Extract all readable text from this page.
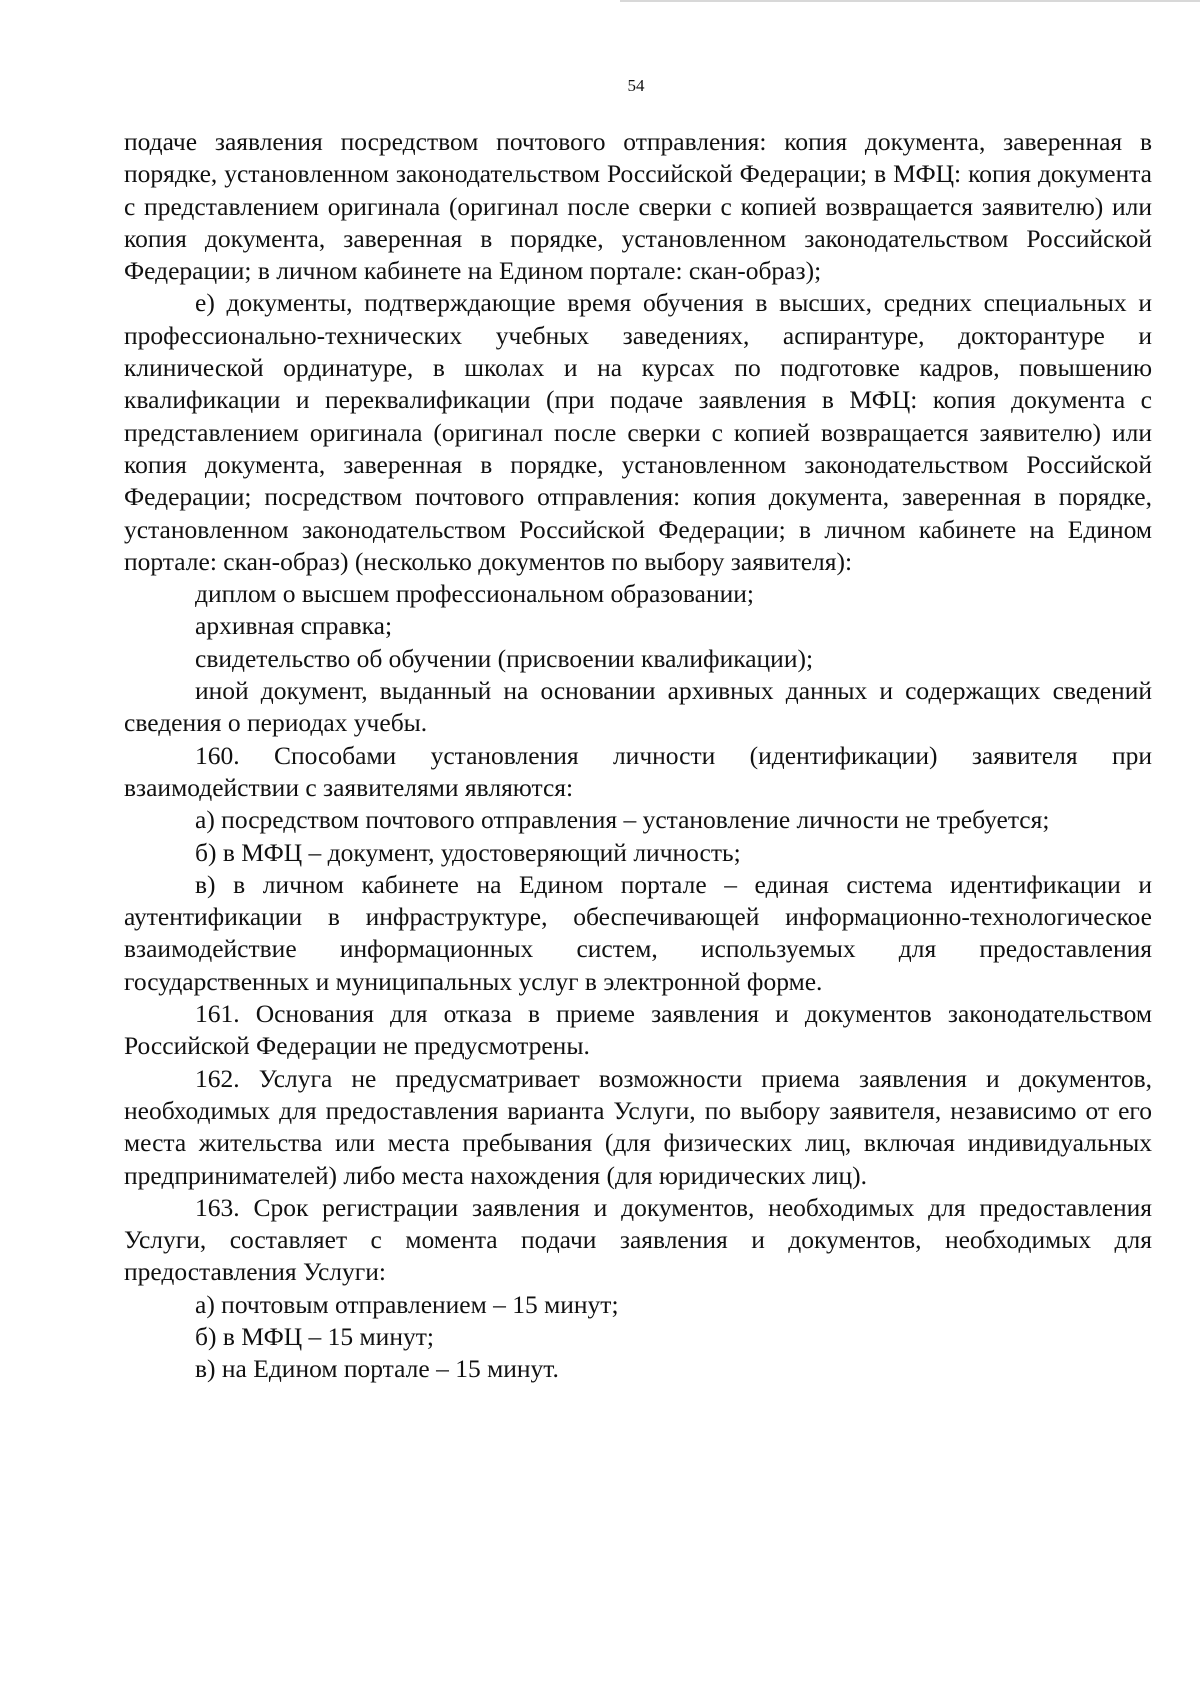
54

подаче заявления посредством почтового отправления: копия документа, заверенная в порядке, установленном законодательством Российской Федерации; в МФЦ: копия документа с представлением оригинала (оригинал после сверки с копией возвращается заявителю) или копия документа, заверенная в порядке, установленном законодательством Российской Федерации; в личном кабинете на Едином портале: скан-образ);

е) документы, подтверждающие время обучения в высших, средних специальных и профессионально-технических учебных заведениях, аспирантуре, докторантуре и клинической ординатуре, в школах и на курсах по подготовке кадров, повышению квалификации и переквалификации (при подаче заявления в МФЦ: копия документа с представлением оригинала (оригинал после сверки с копией возвращается заявителю) или копия документа, заверенная в порядке, установленном законодательством Российской Федерации; посредством почтового отправления: копия документа, заверенная в порядке, установленном законодательством Российской Федерации; в личном кабинете на Едином портале: скан-образ) (несколько документов по выбору заявителя):

диплом о высшем профессиональном образовании;

архивная справка;

свидетельство об обучении (присвоении квалификации);

иной документ, выданный на основании архивных данных и содержащих сведений сведения о периодах учебы.

160. Способами установления личности (идентификации) заявителя при взаимодействии с заявителями являются:

а) посредством почтового отправления – установление личности не требуется;

б) в МФЦ – документ, удостоверяющий личность;

в) в личном кабинете на Едином портале – единая система идентификации и аутентификации в инфраструктуре, обеспечивающей информационно-технологическое взаимодействие информационных систем, используемых для предоставления государственных и муниципальных услуг в электронной форме.

161. Основания для отказа в приеме заявления и документов законодательством Российской Федерации не предусмотрены.

162. Услуга не предусматривает возможности приема заявления и документов, необходимых для предоставления варианта Услуги, по выбору заявителя, независимо от его места жительства или места пребывания (для физических лиц, включая индивидуальных предпринимателей) либо места нахождения (для юридических лиц).

163. Срок регистрации заявления и документов, необходимых для предоставления Услуги, составляет с момента подачи заявления и документов, необходимых для предоставления Услуги:

а) почтовым отправлением – 15 минут;

б) в МФЦ – 15 минут;

в) на Едином портале – 15 минут.
